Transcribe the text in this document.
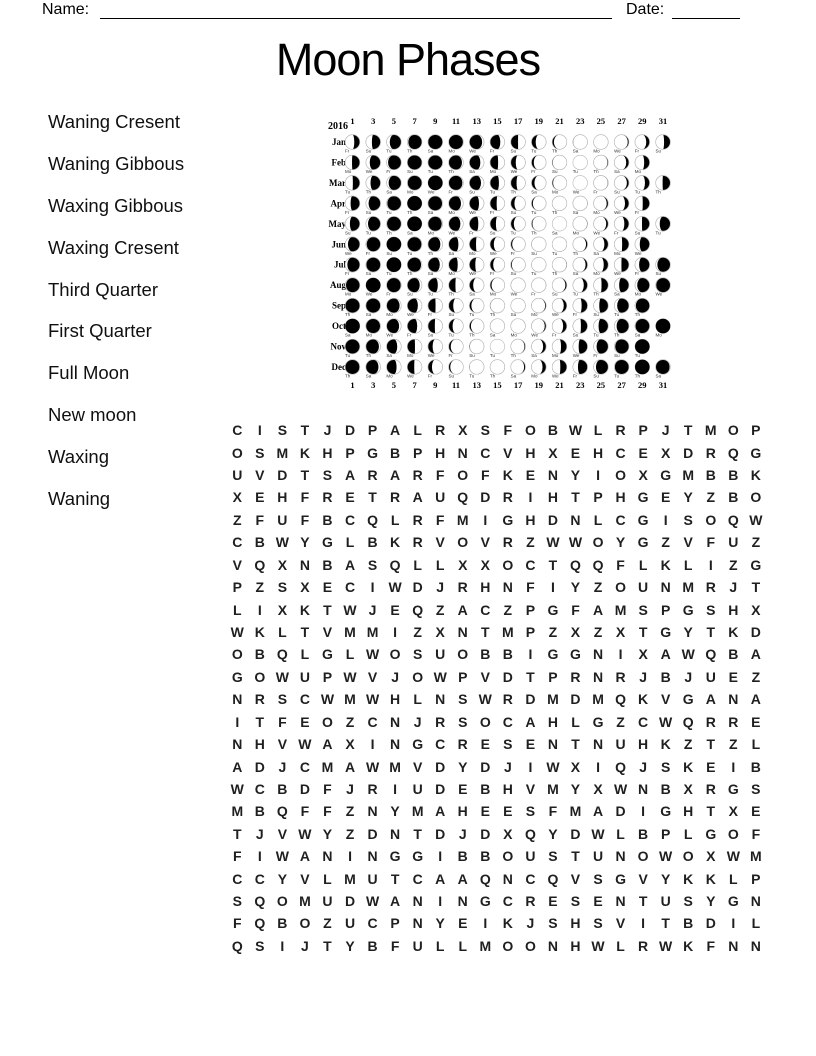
Name:	Date:
Moon Phases
Waning Cresent
Waning Gibbous
Waxing Gibbous
Waxing Cresent
Third Quarter
First Quarter
Full Moon
New moon
Waxing
Waning
C	I	S T	J D P A L R X S F O B W L R P J	T M O P
O S M K H P G B P H N C V H X E H C E X D R Q G
U V D T S A R A R F O F K E N Y	I	O X G M B B K
X E H F R E T R A U Q D R	I	H T P H G E Y Z B O
Z F U F B C Q L R F M	I	G H D N L C G	I	S O Q W
C B W Y G L B K R V O V R Z W W O Y G Z V F U Z
V Q X N B A S Q L L X X O C T Q Q F L K L	I	Z G
P Z S X E C	I W D J R H N F	I	Y Z O U N M R J	T
L	I	X K T W J E Q Z A C Z P G F A M S P G S H X
W K L T V M M	I	Z X N T M P Z X Z X T G Y T K D
O B Q L G L W O S U O B B	I	G G N	I	X A W Q B A
G O W U P W V J O W P V D T P R N R J B J U E Z
N R S C W M W H L N S W R D M D M Q K V G A N A
I	T F E O Z C N J R S O C A H L G Z C W Q R R E
N H V W A X	I	N G C R E S E N T N U H K Z T Z L
A D J C M A W M V D Y D J	I W X	I	Q J S K E	I	B
W C B D F	J R	I	U D E B H V M Y X W N B X R G S
M B Q F F Z N Y M A H E E S F M A D	I	G H T X E
T	J V W Y Z D N T D J D X Q Y D W L B P L G O F
F	I W A N	I	N G G	I	B B O U S T U N O W O X W M
C C Y V L M U T C A A Q N C Q V S G V Y K K L P
S Q O M U D W A N	I	N G C R E S E N T U S Y G N
F Q B O Z U C P N Y E	I	K J S H S V	I	T B D	I	L
Q S	I	J	T Y B F U L L M O O N H W L R W K F N N
